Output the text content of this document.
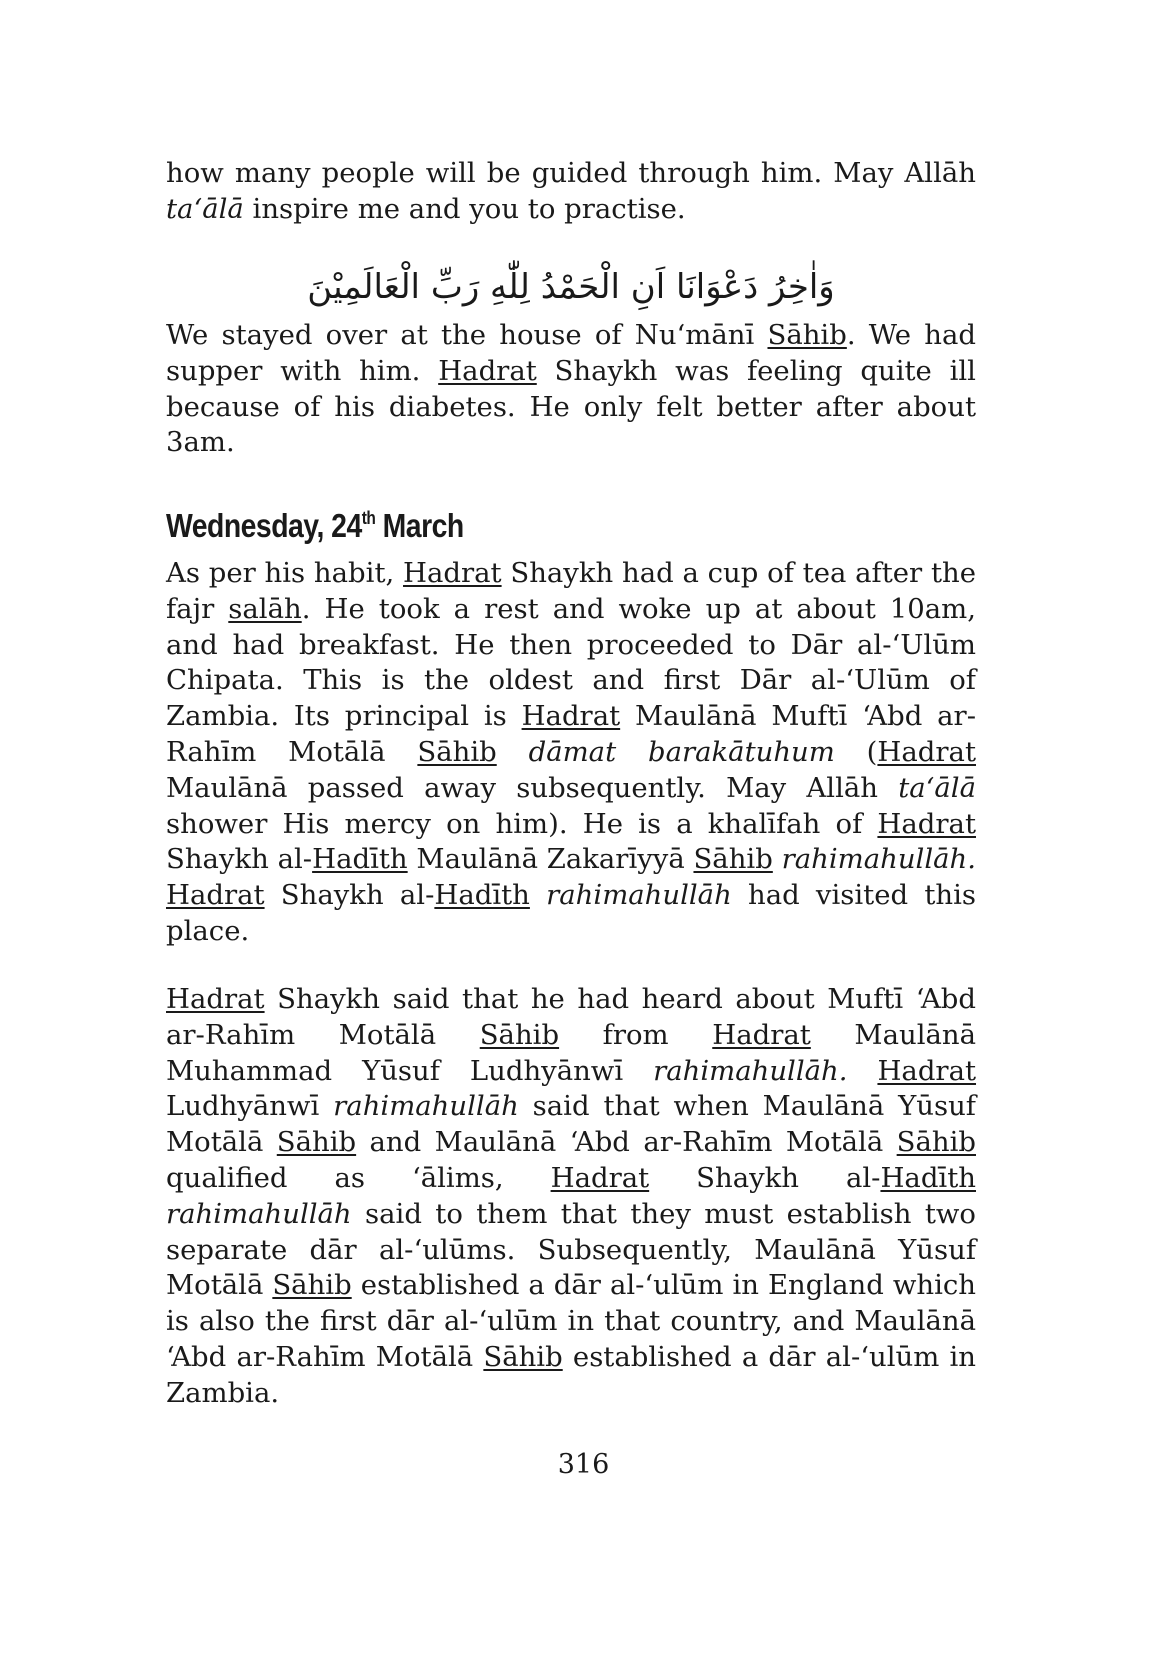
how many people will be guided through him. May Allāh ta‘ālā inspire me and you to practise.

وَاٰخِرُ دَعْوَانَا اَنِ الْحَمْدُ لِلّٰهِ رَبِّ الْعَالَمِيْنَ

We stayed over at the house of Nu‘mānī Sāhib. We had supper with him. Hadrat Shaykh was feeling quite ill because of his diabetes. He only felt better after about 3am.

Wednesday, 24th March

As per his habit, Hadrat Shaykh had a cup of tea after the fajr salāh. He took a rest and woke up at about 10am, and had breakfast. He then proceeded to Dār al-‘Ulūm Chipata. This is the oldest and first Dār al-‘Ulūm of Zambia. Its principal is Hadrat Maulānā Muftī ‘Abd ar-Rahīm Motālā Sāhib dāmat barakātuhum (Hadrat Maulānā passed away subsequently. May Allāh ta‘ālā shower His mercy on him). He is a khalīfah of Hadrat Shaykh al-Hadīth Maulānā Zakarīyyā Sāhib rahimahullāh. Hadrat Shaykh al-Hadīth rahimahullāh had visited this place.

Hadrat Shaykh said that he had heard about Muftī ‘Abd ar-Rahīm Motālā Sāhib from Hadrat Maulānā Muhammad Yūsuf Ludhyānwī rahimahullāh. Hadrat Ludhyānwī rahimahullāh said that when Maulānā Yūsuf Motālā Sāhib and Maulānā ‘Abd ar-Rahīm Motālā Sāhib qualified as ‘ālims, Hadrat Shaykh al-Hadīth rahimahullāh said to them that they must establish two separate dār al-‘ulūms. Subsequently, Maulānā Yūsuf Motālā Sāhib established a dār al-‘ulūm in England which is also the first dār al-‘ulūm in that country, and Maulānā ‘Abd ar-Rahīm Motālā Sāhib established a dār al-‘ulūm in Zambia.

316
